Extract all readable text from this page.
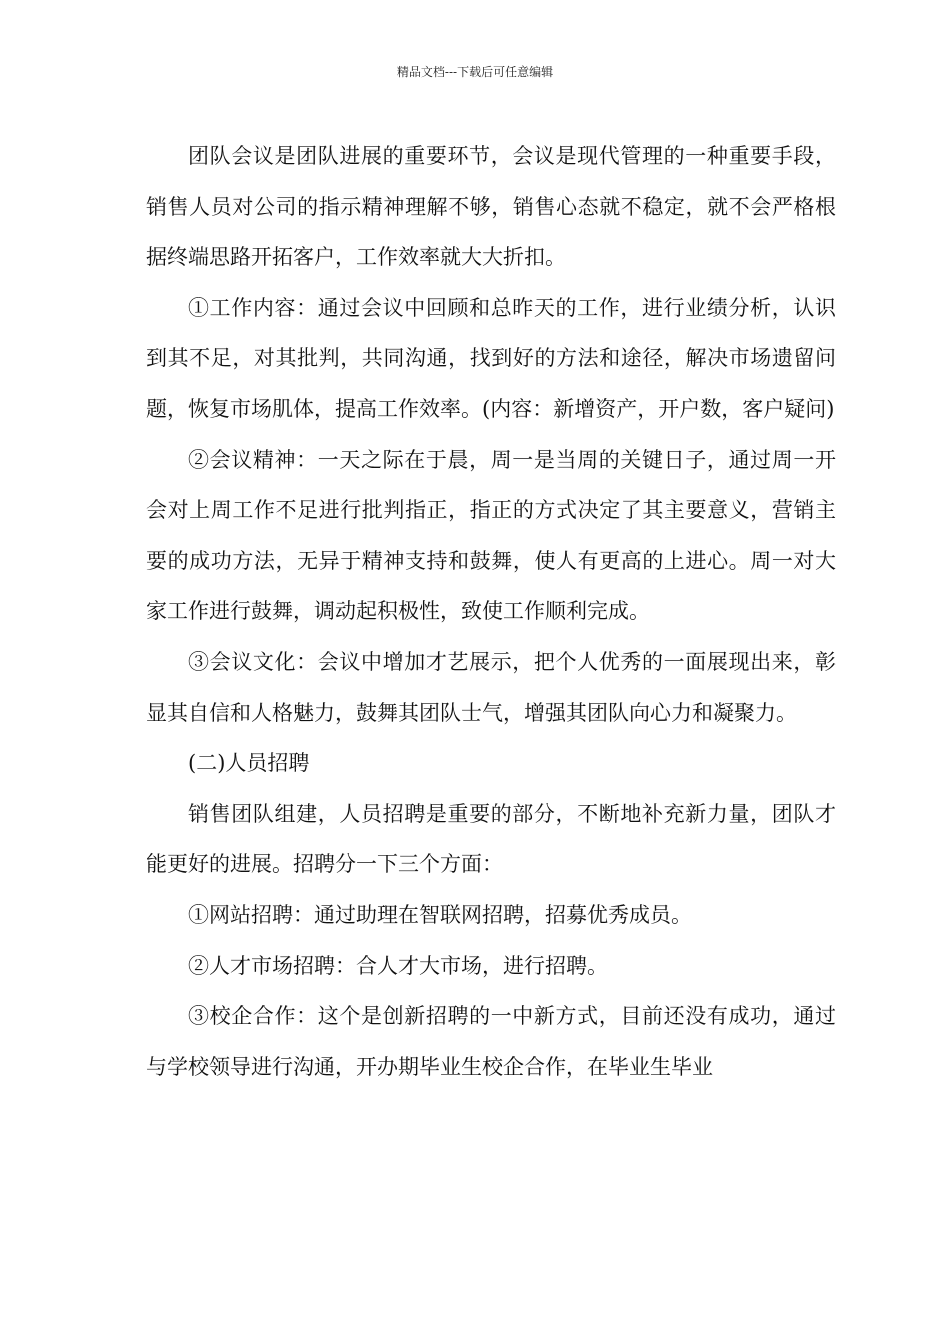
精品文档---下载后可任意编辑

团队会议是团队进展的重要环节，会议是现代管理的一种重要手段，销售人员对公司的指示精神理解不够，销售心态就不稳定，就不会严格根据终端思路开拓客户，工作效率就大大折扣。

①工作内容：通过会议中回顾和总昨天的工作，进行业绩分析，认识到其不足，对其批判，共同沟通，找到好的方法和途径，解决市场遗留问题，恢复市场肌体，提高工作效率。(内容：新增资产，开户数，客户疑问)

②会议精神：一天之际在于晨，周一是当周的关键日子，通过周一开会对上周工作不足进行批判指正，指正的方式决定了其主要意义，营销主要的成功方法，无异于精神支持和鼓舞，使人有更高的上进心。周一对大家工作进行鼓舞，调动起积极性，致使工作顺利完成。

③会议文化：会议中增加才艺展示，把个人优秀的一面展现出来，彰显其自信和人格魅力，鼓舞其团队士气，增强其团队向心力和凝聚力。

(二)人员招聘

销售团队组建，人员招聘是重要的部分，不断地补充新力量，团队才能更好的进展。招聘分一下三个方面：

①网站招聘：通过助理在智联网招聘，招募优秀成员。

②人才市场招聘：合人才大市场，进行招聘。

③校企合作：这个是创新招聘的一中新方式，目前还没有成功，通过与学校领导进行沟通，开办期毕业生校企合作，在毕业生毕业
